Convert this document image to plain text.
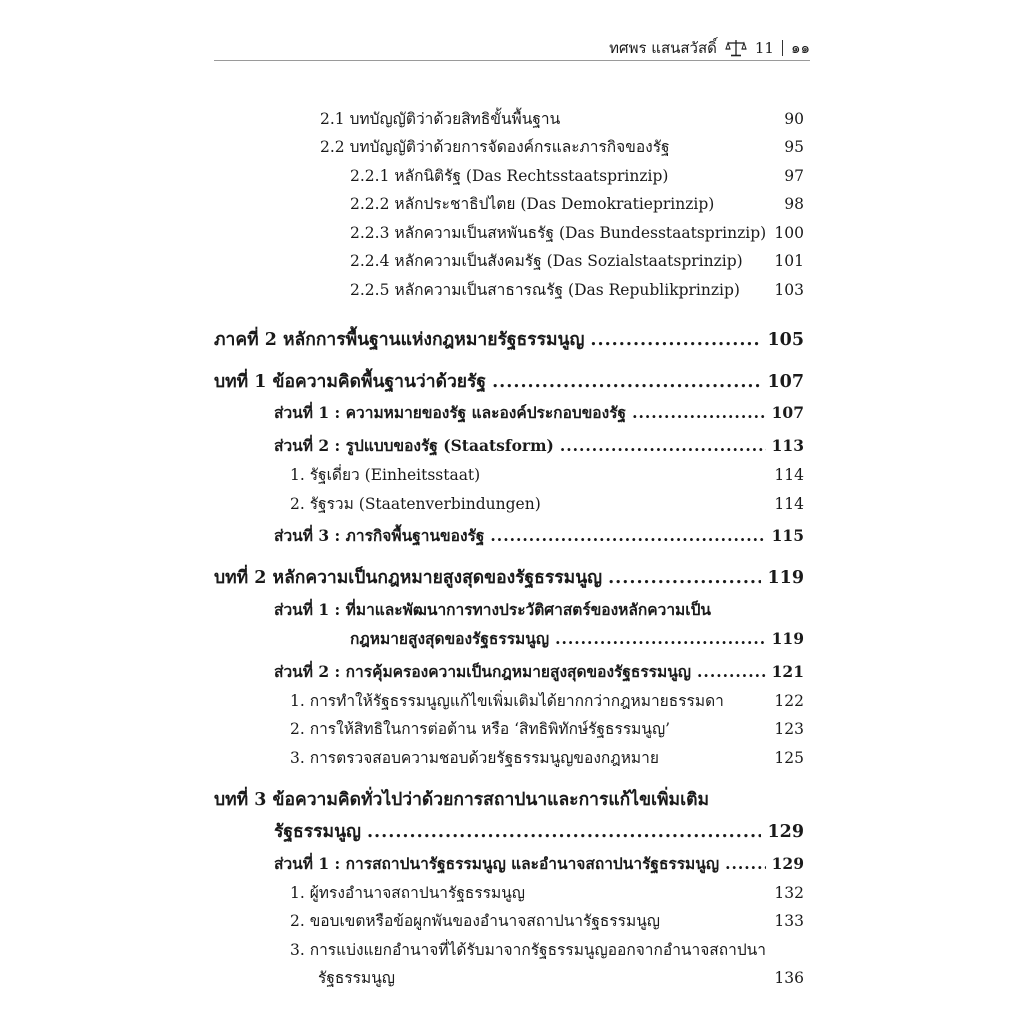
ทศพร แสนสวัสดิ์	11 ๑๑
2.1 บทบัญญัติว่าด้วยสิทธิขั้นพื้นฐาน	90
2.2 บทบัญญัติว่าด้วยการจัดองค์กรและภารกิจของรัฐ	95
2.2.1 หลักนิติรัฐ (Das Rechtsstaatsprinzip)	97
2.2.2 หลักประชาธิปไตย (Das Demokratieprinzip)	98
2.2.3 หลักความเป็นสหพันธรัฐ (Das Bundesstaatsprinzip) 100
2.2.4 หลักความเป็นสังคมรัฐ (Das Sozialstaatsprinzip)	101
2.2.5 หลักความเป็นสาธารณรัฐ (Das Republikprinzip)	103
ภาคที่ 2 หลักการพื้นฐานแห่งกฎหมายรัฐธรรมนูญ .....	105
บทที่ 1 ข้อความคิดพื้นฐานว่าด้วยรัฐ .....	107
ส่วนที่ 1 : ความหมายของรัฐ และองค์ประกอบของรัฐ .....	107
ส่วนที่ 2 : รูปแบบของรัฐ (Staatsform) .....	113
1. รัฐเดี่ยว (Einheitsstaat)	114
2. รัฐรวม (Staatenverbindungen)	114
ส่วนที่ 3 : ภารกิจพื้นฐานของรัฐ .....	115
บทที่ 2 หลักความเป็นกฎหมายสูงสุดของรัฐธรรมนูญ .....	119
ส่วนที่ 1 : ที่มาและพัฒนาการทางประวัติศาสตร์ของหลักความเป็น
กฎหมายสูงสุดของรัฐธรรมนูญ .....	119
ส่วนที่ 2 : การคุ้มครองความเป็นกฎหมายสูงสุดของรัฐธรรมนูญ .....	121
1. การทำให้รัฐธรรมนูญแก้ไขเพิ่มเติมได้ยากกว่ากฎหมายธรรมดา	122
2. การให้สิทธิในการต่อต้าน หรือ ‘สิทธิพิทักษ์รัฐธรรมนูญ’	123
3. การตรวจสอบความชอบด้วยรัฐธรรมนูญของกฎหมาย	125
บทที่ 3 ข้อความคิดทั่วไปว่าด้วยการสถาปนาและการแก้ไขเพิ่มเติม
รัฐธรรมนูญ .....	129
ส่วนที่ 1 : การสถาปนารัฐธรรมนูญ และอำนาจสถาปนารัฐธรรมนูญ .....	129
1. ผู้ทรงอำนาจสถาปนารัฐธรรมนูญ	132
2. ขอบเขตหรือข้อผูกพันของอำนาจสถาปนารัฐธรรมนูญ	133
3. การแบ่งแยกอำนาจที่ได้รับมาจากรัฐธรรมนูญออกจากอำนาจสถาปนา
รัฐธรรมนูญ	136
